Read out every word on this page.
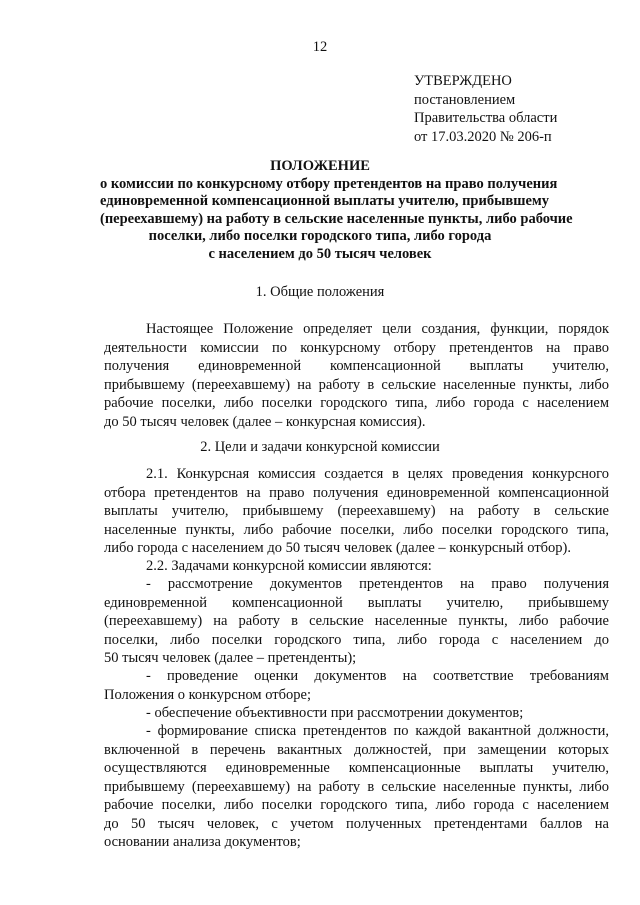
12
УТВЕРЖДЕНО
постановлением
Правительства области
от 17.03.2020 № 206-п
ПОЛОЖЕНИЕ
о комиссии по конкурсному отбору претендентов на право получения
единовременной компенсационной выплаты учителю, прибывшему
(переехавшему) на работу в сельские населенные пункты, либо рабочие
поселки, либо поселки городского типа, либо города
с населением до 50 тысяч человек
1. Общие положения
Настоящее Положение определяет цели создания, функции, порядок
деятельности комиссии по конкурсному отбору претендентов на право
получения единовременной компенсационной выплаты учителю,
прибывшему (переехавшему) на работу в сельские населенные пункты, либо
рабочие поселки, либо поселки городского типа, либо города с населением
до 50 тысяч человек (далее – конкурсная комиссия).
2. Цели и задачи конкурсной комиссии
2.1. Конкурсная комиссия создается в целях проведения конкурсного
отбора претендентов на право получения единовременной компенсационной
выплаты учителю, прибывшему (переехавшему) на работу в сельские
населенные пункты, либо рабочие поселки, либо поселки городского типа,
либо города с населением до 50 тысяч человек (далее – конкурсный отбор).
2.2. Задачами конкурсной комиссии являются:
- рассмотрение документов претендентов на право получения
единовременной компенсационной выплаты учителю, прибывшему
(переехавшему) на работу в сельские населенные пункты, либо рабочие
поселки, либо поселки городского типа, либо города с населением до
50 тысяч человек (далее – претенденты);
- проведение оценки документов на соответствие требованиям
Положения о конкурсном отборе;
- обеспечение объективности при рассмотрении документов;
- формирование списка претендентов по каждой вакантной должности,
включенной в перечень вакантных должностей, при замещении которых
осуществляются единовременные компенсационные выплаты учителю,
прибывшему (переехавшему) на работу в сельские населенные пункты, либо
рабочие поселки, либо поселки городского типа, либо города с населением
до 50 тысяч человек, с учетом полученных претендентами баллов на
основании анализа документов;
